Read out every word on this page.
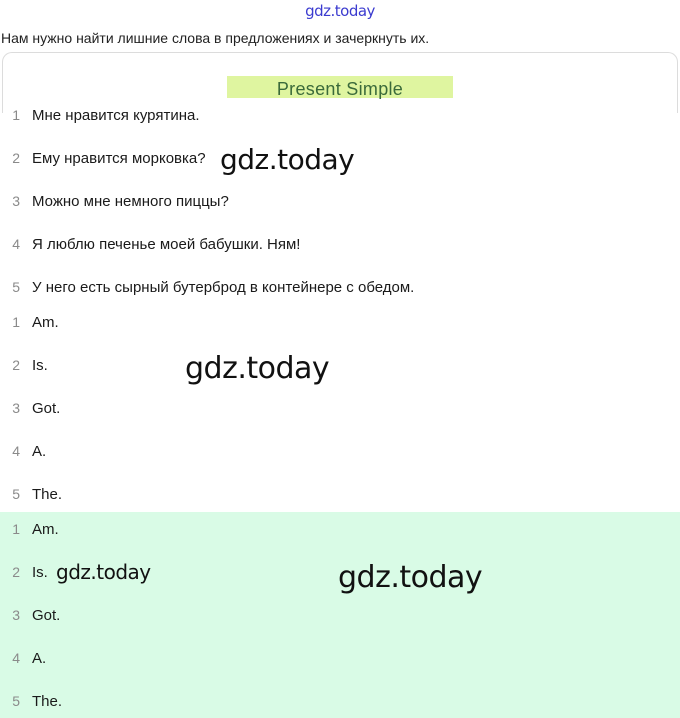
gdz.today
Нам нужно найти лишние слова в предложениях и зачеркнуть их.
Present Simple
1 Мне нравится курятина.
2 Ему нравится морковка?
3 Можно мне немного пиццы?
4 Я люблю печенье моей бабушки. Ням!
5 У него есть сырный бутерброд в контейнере с обедом.
1 Am.
2 Is.
3 Got.
4 A.
5 The.
1 Am.
2 Is.
3 Got.
4 A.
5 The.
gdz.today
gdz.today
gdz.today	gdz.today
